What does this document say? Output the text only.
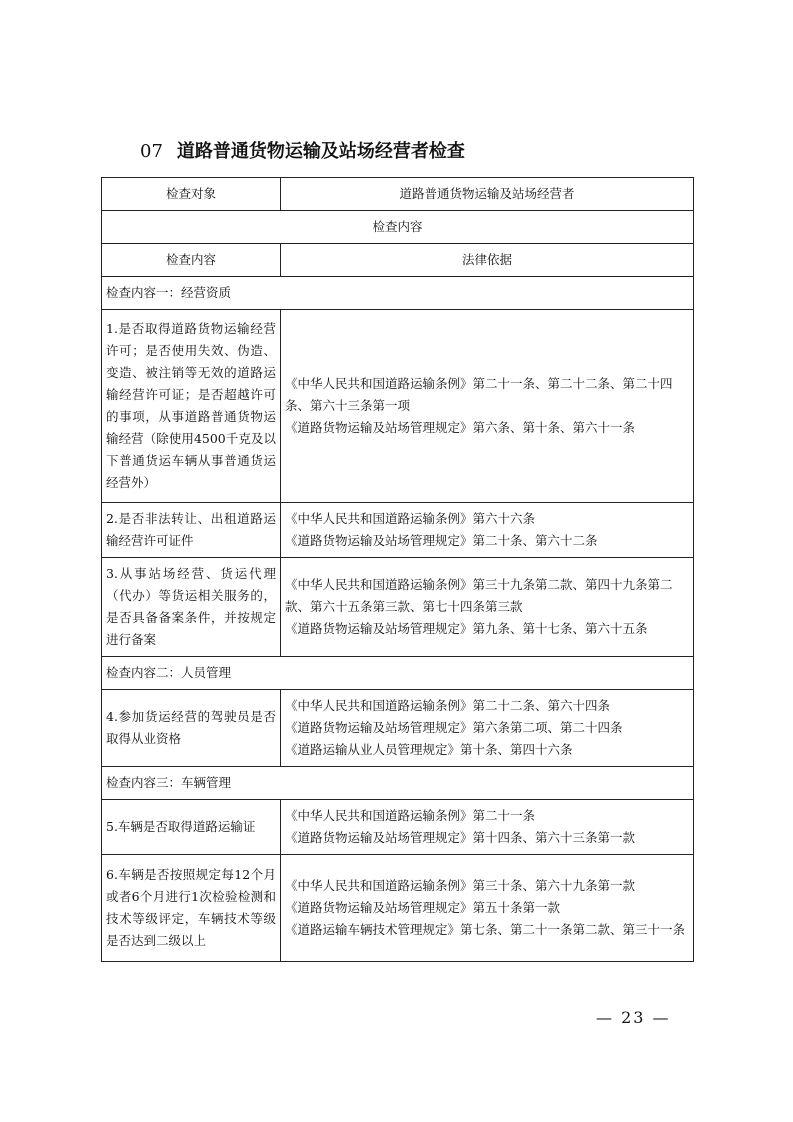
07 道路普通货物运输及站场经营者检查
检查对象	道路普通货物运输及站场经营者
检查内容	
检查内容	法律依据
检查内容一：经营资质	
1.是否取得道路货物运输经营许可；是否使用失效、伪造、变造、被注销等无效的道路运输经营许可证；是否超越许可的事项，从事道路普通货物运输经营（除使用4500千克及以下普通货运车辆从事普通货运经营外）	《中华人民共和国道路运输条例》第二十一条、第二十二条、第二十四条、第六十三条第一项
《道路货物运输及站场管理规定》第六条、第十条、第六十一条

2.是否非法转让、出租道路运输经营许可证件	《中华人民共和国道路运输条例》第六十六条
《道路货物运输及站场管理规定》第二十条、第六十二条

3.从事站场经营、货运代理（代办）等货运相关服务的，是否具备备案条件，并按规定进行备案	《中华人民共和国道路运输条例》第三十九条第二款、第四十九条第二款、第六十五条第三款、第七十四条第三款
《道路货物运输及站场管理规定》第九条、第十七条、第六十五条

检查内容二：人员管理	
4.参加货运经营的驾驶员是否取得从业资格	《中华人民共和国道路运输条例》第二十二条、第六十四条
《道路货物运输及站场管理规定》第六条第二项、第二十四条
《道路运输从业人员管理规定》第十条、第四十六条

检查内容三：车辆管理	
5.车辆是否取得道路运输证	《中华人民共和国道路运输条例》第二十一条
《道路货物运输及站场管理规定》第十四条、第六十三条第一款

6.车辆是否按照规定每12个月或者6个月进行1次检验检测和技术等级评定，车辆技术等级是否达到二级以上	《中华人民共和国道路运输条例》第三十条、第六十九条第一款
《道路货物运输及站场管理规定》第五十条第一款
《道路运输车辆技术管理规定》第七条、第二十一条第二款、第三十一条
— 23 —
